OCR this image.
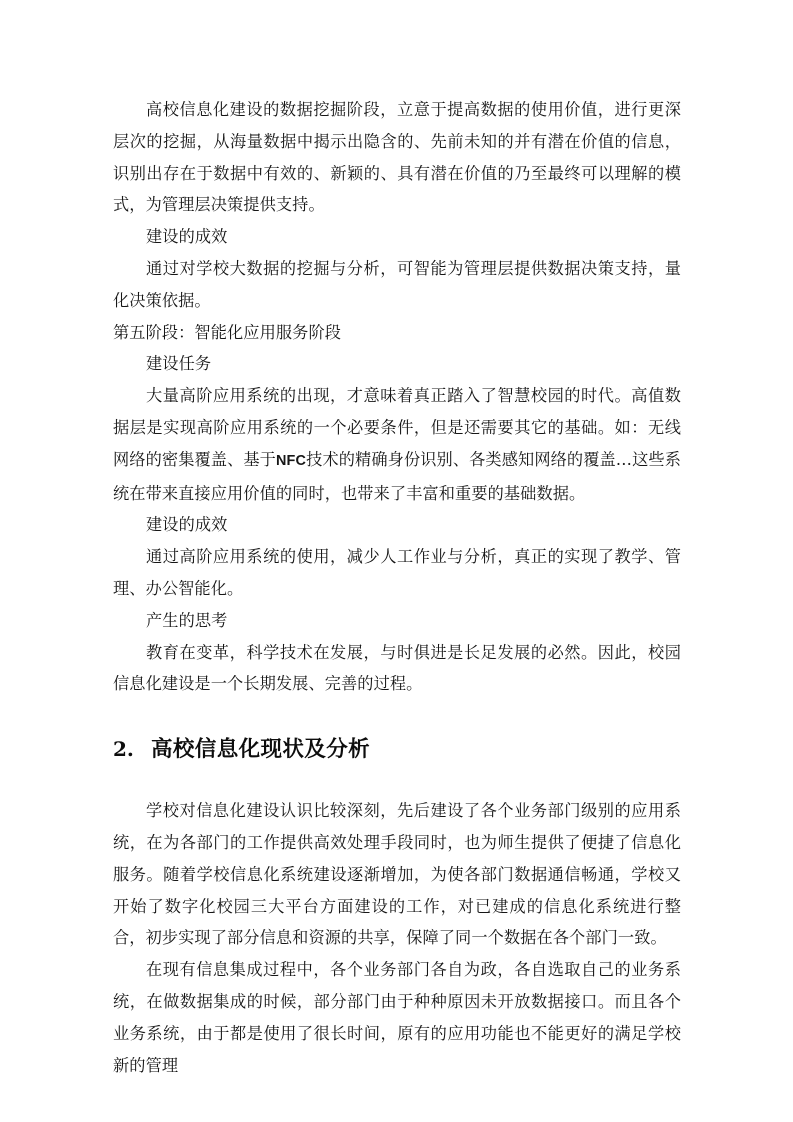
高校信息化建设的数据挖掘阶段，立意于提高数据的使用价值，进行更深层次的挖掘，从海量数据中揭示出隐含的、先前未知的并有潜在价值的信息，识别出存在于数据中有效的、新颖的、具有潜在价值的乃至最终可以理解的模式，为管理层决策提供支持。

建设的成效

通过对学校大数据的挖掘与分析，可智能为管理层提供数据决策支持，量化决策依据。

第五阶段：智能化应用服务阶段

建设任务

大量高阶应用系统的出现，才意味着真正踏入了智慧校园的时代。高值数据层是实现高阶应用系统的一个必要条件，但是还需要其它的基础。如：无线网络的密集覆盖、基于NFC技术的精确身份识别、各类感知网络的覆盖…这些系统在带来直接应用价值的同时，也带来了丰富和重要的基础数据。

建设的成效

通过高阶应用系统的使用，减少人工作业与分析，真正的实现了教学、管理、办公智能化。

产生的思考

教育在变革，科学技术在发展，与时俱进是长足发展的必然。因此，校园信息化建设是一个长期发展、完善的过程。

2. 高校信息化现状及分析

学校对信息化建设认识比较深刻，先后建设了各个业务部门级别的应用系统，在为各部门的工作提供高效处理手段同时，也为师生提供了便捷了信息化服务。随着学校信息化系统建设逐渐增加，为使各部门数据通信畅通，学校又开始了数字化校园三大平台方面建设的工作，对已建成的信息化系统进行整合，初步实现了部分信息和资源的共享，保障了同一个数据在各个部门一致。

在现有信息集成过程中，各个业务部门各自为政，各自选取自己的业务系统，在做数据集成的时候，部分部门由于种种原因未开放数据接口。而且各个业务系统，由于都是使用了很长时间，原有的应用功能也不能更好的满足学校新的管理
